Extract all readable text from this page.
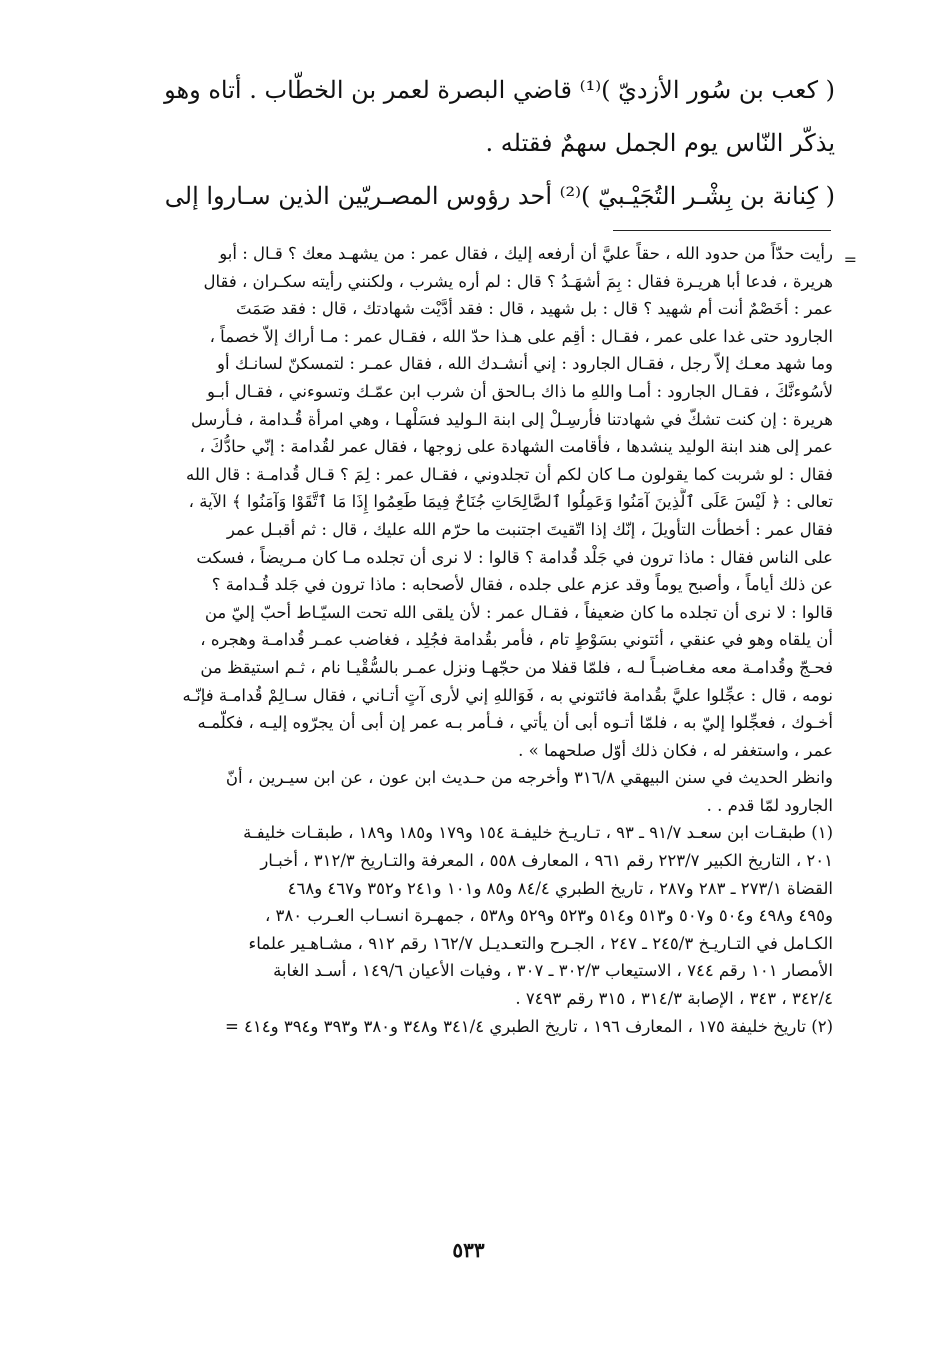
( كعب بن سُور الأزديّ )⁽¹⁾ قاضي البصرة لعمر بن الخطّاب . أتاه وهو
يذكّر النّاس يوم الجمل سهمٌ فقتله .
( كِنانة بن بِشْـر التُجَيْـبيّ )⁽²⁾ أحد رؤوس المصـريّين الذين سـاروا إلى
=
رأيت حدّاً من حدود الله ، حقاً عليَّ أن أرفعه إليك ، فقال عمر : من يشهـد معك ؟ قـال : أبو
هريرة ، فدعا أبا هريـرة فقال : بِمَ أشهَـدُ ؟ قال : لم أره يشرب ، ولكنني رأيته سكـران ، فقال
عمر : أخَصْمٌ أنت أم شهيد ؟ قال : بل شهيد ، قال : فقد أدَّيْت شهادتك ، قال : فقد صَمَتَ
الجارود حتى غدا على عمر ، فقـال : أقِم على هـذا حدّ الله ، فقـال عمر : مـا أراك إلاّ خصماً ،
وما شهد معـك إلاّ رجل ، فقـال الجارود : إني أنشـدك الله ، فقال عمـر : لتمسكنّ لسانـك أو
لأسُوءنَّكَ ، فقـال الجارود : أمـا واللهِ ما ذاك بـالحق أن شرب ابن عمّـك وتسوءني ، فقـال أبـو
هريرة : إن كنت تشكّ في شهادتنا فأرسِـلْ إلى ابنة الـوليد فسَلْهـا ، وهي امرأة قُـدامة ، فـأرسل
عمر إلى هند ابنة الوليد ينشدها ، فأقامت الشهادة على زوجها ، فقال عمر لقُدامة : إنّي حادُّكَ ،
فقال : لو شربت كما يقولون مـا كان لكم أن تجلدوني ، فقـال عمر : لِمَ ؟ قـال قُدامـة : قال الله
تعالى : ﴿ لَيْسَ عَلَى ٱلَّذِينَ آمَنُوا وَعَمِلُوا ٱلصَّالِحَاتِ جُنَاحٌ فِيمَا طَعِمُوا إِذَا مَا ٱتَّقَوْا وَآمَنُوا ﴾ الآية ،
فقال عمر : أخطأت التأويلَ ، إنّك إذا اتّقيتَ اجتنبت ما حرّم الله عليك ، قال : ثم أقبـل عمر
على الناس فقال : ماذا ترون في جَلْد قُدامة ؟ قالوا : لا نرى أن تجلده مـا كان مـريضاً ، فسكت
عن ذلك أياماً ، وأصبح يوماً وقد عزم على جلده ، فقال لأصحابه : ماذا ترون في جَلد قُـدامة ؟
قالوا : لا نرى أن تجلده ما كان ضعيفاً ، فقـال عمر : لأن يلقى الله تحت السيّـاط أحبّ إليّ من
أن يلقاه وهو في عنقي ، أئتوني بسَوْطٍ تام ، فأمر بقُدامة فجُلِد ، فغاضب عمـر قُدامـة وهجره ،
فحـجّ وقُدامـة معه مغـاضبـاً لـه ، فلمّا قفلا من حجّهـا ونزل عمـر بالسُّقْيـا نام ، ثـم استيقظ من
نومه ، قال : عجِّلوا عليَّ بقُدامة فائتوني به ، فَوَاللهِ إني لأرى آتٍ أتـاني ، فقال سـالِمْ قُدامـة فإنّـه
أخـوك ، فعجِّلوا إليّ به ، فلمّا أتـوه أبى أن يأتي ، فـأمر بـه عمر إن أبى أن يجرّوه إليـه ، فكلّمـه
عمر ، واستغفر له ، فكان ذلك أوّل صلحهما » .
وانظر الحديث في سنن البيهقي ٣١٦/٨ وأخرجه من حـديث ابن عون ، عن ابن سيـرين ، أنّ
الجارود لمّا قدم . .
(١) طبقـات ابن سعـد ٩١/٧ ـ ٩٣ ، تـاريـخ خليفـة ١٥٤ و١٧٩ و١٨٥ و١٨٩ ، طبقـات خليفـة
٢٠١ ، التاريخ الكبير ٢٢٣/٧ رقم ٩٦١ ، المعارف ٥٥٨ ، المعرفة والتـاريخ ٣١٢/٣ ، أخبـار
القضاة ٢٧٣/١ ـ ٢٨٣ و٢٨٧ ، تاريخ الطبري ٨٤/٤ و٨٥ و١٠١ و٢٤١ و٣٥٢ و٤٦٧ و٤٦٨
و٤٩٥ و٤٩٨ و٥٠٤ و٥٠٧ و٥١٣ و٥١٤ و٥٢٣ و٥٢٩ و٥٣٨ ، جمهـرة انسـاب العـرب ٣٨٠ ،
الكـامل في التـاريـخ ٢٤٥/٣ ـ ٢٤٧ ، الجـرح والتعـديـل ١٦٢/٧ رقم ٩١٢ ، مشـاهـير علماء
الأمصار ١٠١ رقم ٧٤٤ ، الاستيعاب ٣٠٢/٣ ـ ٣٠٧ ، وفيات الأعيان ١٤٩/٦ ، أسـد الغابة
٣٤٢/٤ ، ٣٤٣ ، الإصابة ٣١٤/٣ ، ٣١٥ رقم ٧٤٩٣ .
(٢) تاريخ خليفة ١٧٥ ، المعارف ١٩٦ ، تاريخ الطبري ٣٤١/٤ و٣٤٨ و٣٨٠ و٣٩٣ و٣٩٤ و٤١٤ =
٥٣٣
